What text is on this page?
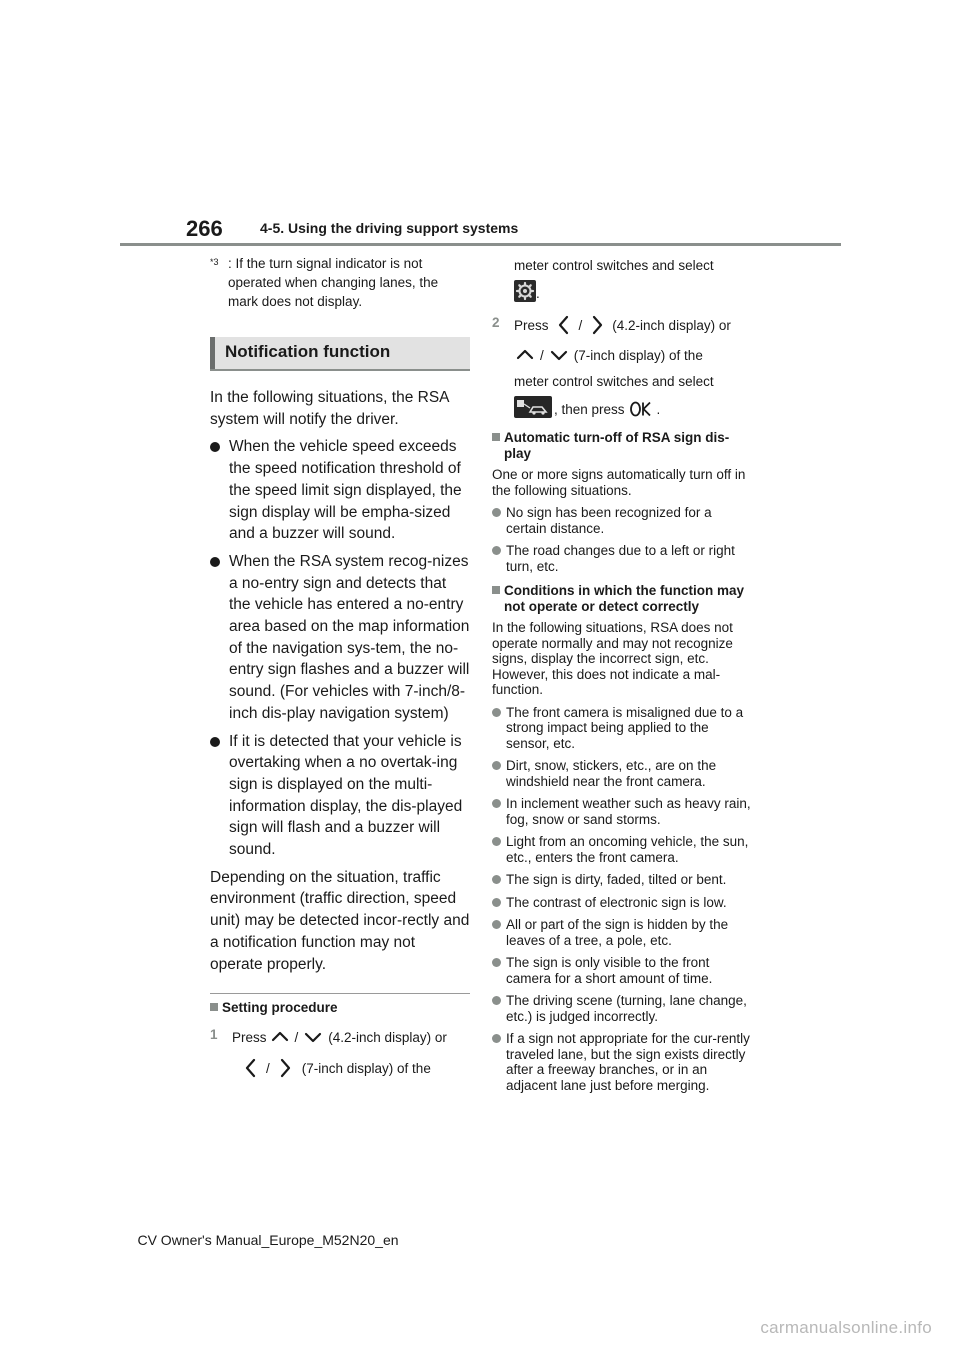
266	4-5. Using the driving support systems
$^{*3}$ : If the turn signal indicator is not operated when changing lanes, the mark does not display.
Notification function
In the following situations, the RSA system will notify the driver.
When the vehicle speed exceeds the speed notification threshold of the speed limit sign displayed, the sign display will be empha-sized and a buzzer will sound.
When the RSA system recog-nizes a no-entry sign and detects that the vehicle has entered a no-entry area based on the map information of the navigation sys-tem, the no-entry sign flashes and a buzzer will sound. (For vehicles with 7-inch/8-inch dis-play navigation system)
If it is detected that your vehicle is overtaking when a no overtak-ing sign is displayed on the multi-information display, the dis-played sign will flash and a buzzer will sound.
Depending on the situation, traffic environment (traffic direction, speed unit) may be detected incor-rectly and a notification function may not operate properly.
Setting procedure
1 Press / (4.2-inch display) or
/ (7-inch display) of the
meter control switches and select
.
2 Press / (4.2-inch display) or
/ (7-inch display) of the
meter control switches and select
, then press .
Automatic turn-off of RSA sign dis-play
One or more signs automatically turn off in the following situations.
No sign has been recognized for a certain distance.
The road changes due to a left or right turn, etc.
Conditions in which the function may not operate or detect correctly
In the following situations, RSA does not operate normally and may not recognize signs, display the incorrect sign, etc. However, this does not indicate a mal-function.
The front camera is misaligned due to a strong impact being applied to the sensor, etc.
Dirt, snow, stickers, etc., are on the windshield near the front camera.
In inclement weather such as heavy rain, fog, snow or sand storms.
Light from an oncoming vehicle, the sun, etc., enters the front camera.
The sign is dirty, faded, tilted or bent.
The contrast of electronic sign is low.
All or part of the sign is hidden by the leaves of a tree, a pole, etc.
The sign is only visible to the front camera for a short amount of time.
The driving scene (turning, lane change, etc.) is judged incorrectly.
If a sign not appropriate for the cur-rently traveled lane, but the sign exists directly after a freeway branches, or in an adjacent lane just before merging.
CV Owner's Manual_Europe_M52N20_en
carmanualsonline.info
